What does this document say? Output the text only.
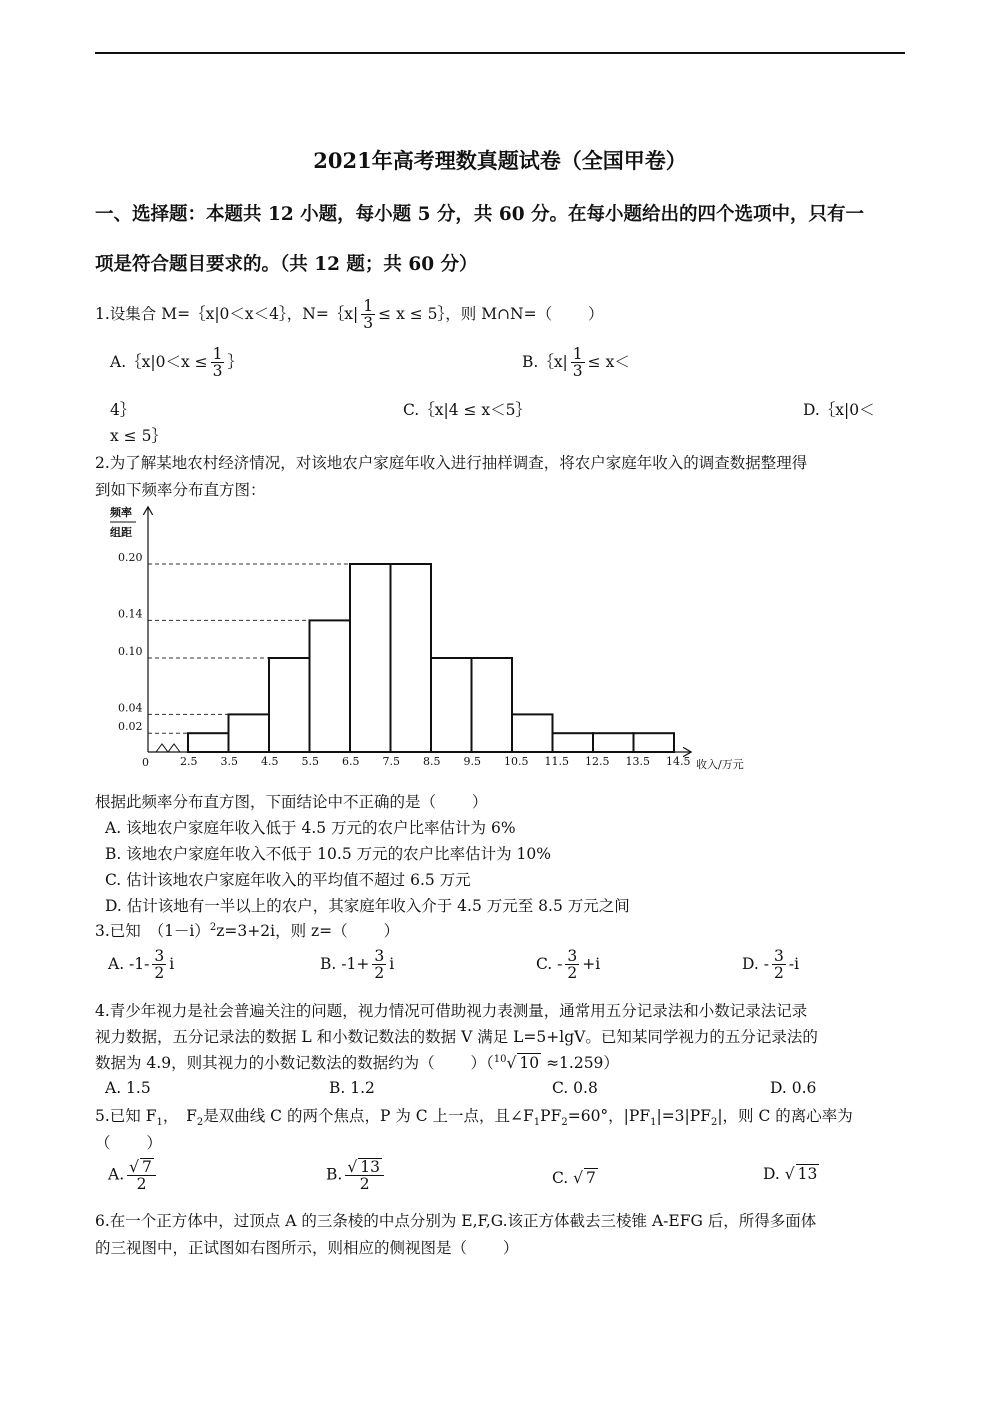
2021年高考理数真题试卷（全国甲卷）
一、选择题：本题共 12 小题，每小题 5 分，共 60 分。在每小题给出的四个选项中，只有一
项是符合题目要求的。（共 12 题；共 60 分）
1.设集合 M=｛x|0＜x＜4｝，N=｛x| $\frac{1}{3} \le x$ ≤ 5｝，则 M∩N=（　　 ）
A.｛x|0＜x ≤ $\frac{1}{3}$ ｝	B.｛x| $\frac{1}{3} \le x<$
4｝	C.｛x|4 ≤ x＜5｝	D.｛x|0＜
x ≤ 5｝
2.为了解某地农村经济情况，对该地农户家庭年收入进行抽样调查，将农户家庭年收入的调查数据整理得
到如下频率分布直方图：
频率
组距
0	收入/万元
0.20
0.14
0.10
0.04
0.02
2.5 3.5 4.5 5.5 6.5 7.5 8.5 9.5 10.5 11.5 12.5 13.5 14.5
根据此频率分布直方图，下面结论中不正确的是（　　 ）
A. 该地农户家庭年收入低于 4.5 万元的农户比率估计为 6%
B. 该地农户家庭年收入不低于 10.5 万元的农户比率估计为 10%
C. 估计该地农户家庭年收入的平均值不超过 6.5 万元
D. 估计该地有一半以上的农户，其家庭年收入介于 4.5 万元至 8.5 万元之间
3.已知　 $(1-i)^2z=3+2i$，则 z=（　　 ）
A. $-1- \frac{3}{2}$ i	B. $-1+ \frac{3}{2}$ i	C. - $\frac{3}{2} +i$	D. - $\frac{3}{2} -i$
4.青少年视力是社会普遍关注的问题，视力情况可借助视力表测量，通常用五分记录法和小数记录法记录
视力数据，五分记录法的数据 L 和小数记数法的数据 V 满足 L=5+lgV。已知某同学视力的五分记录法的
数据为 4.9，则其视力的小数记数法的数据约为（　　 ）（$^{10}$√ 10 ≈1.259）
A. 1.5	B. 1.2	C. 0.8	D. 0.6
5.已知 $F_1$，　$F_2$是双曲线 C 的两个焦点，P 为 C 上一点，且$\angle F_1PF_2=60^\circ$，$|PF_1|=3|PF_2|$，则 C 的离心率为
（　　 ）
A. $\frac{√ 7}{2}$	B. $\frac{√ 13}{2}$	C. √ 7	D. √ 13
6.在一个正方体中，过顶点 A 的三条棱的中点分别为 E,F,G.该正方体截去三棱锥 A-EFG 后，所得多面体
的三视图中，正试图如右图所示，则相应的侧视图是（　　 ）
